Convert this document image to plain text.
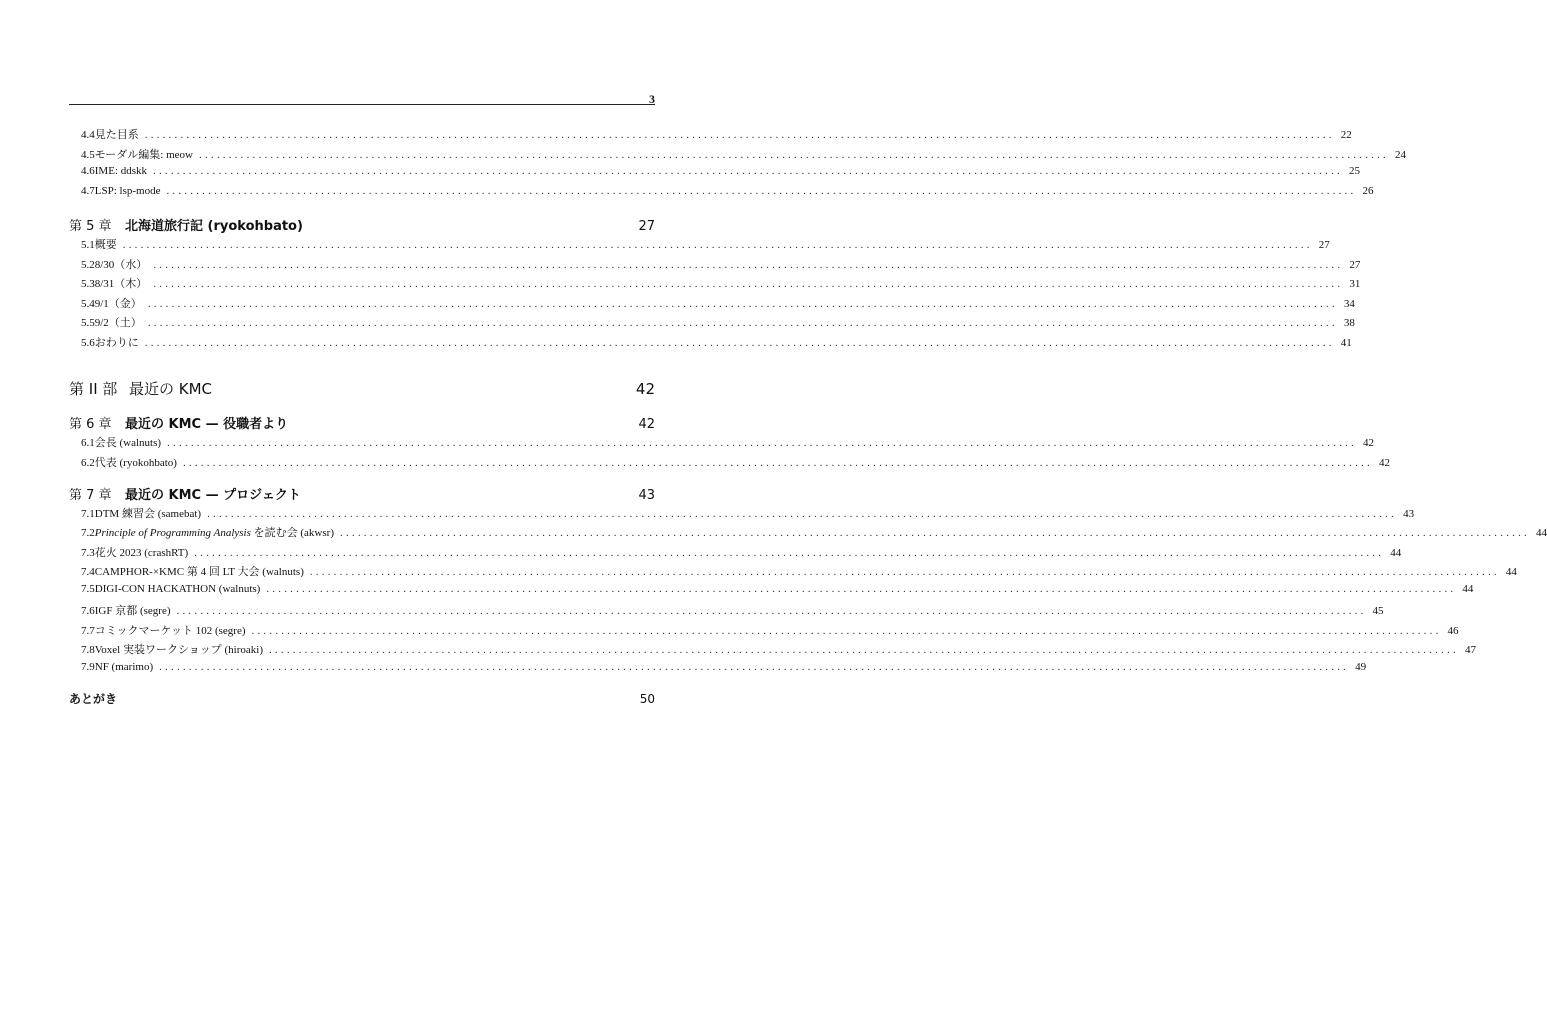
3
4.4 見た目系 ........................................................................................................................................................................................................ 22
4.5 モーダル編集: meow ........................................................................................................................................................................................................ 24
4.6 IME: ddskk ........................................................................................................................................................................................................ 25
4.7 LSP: lsp-mode ........................................................................................................................................................................................................ 26
第 5 章	北海道旅行記 (ryokohbato)	27
5.1 概要 ........................................................................................................................................................................................................ 27
5.2 8/30（水） ........................................................................................................................................................................................................ 27
5.3 8/31（木） ........................................................................................................................................................................................................ 31
5.4 9/1（金） ........................................................................................................................................................................................................ 34
5.5 9/2（土） ........................................................................................................................................................................................................ 38
5.6 おわりに ........................................................................................................................................................................................................ 41
第 II 部 最近の KMC	42
第 6 章	最近の KMC — 役職者より	42
6.1 会長 (walnuts) ........................................................................................................................................................................................................ 42
6.2 代表 (ryokohbato) ........................................................................................................................................................................................................ 42
第 7 章	最近の KMC — プロジェクト	43
7.1 DTM 練習会 (samebat) ........................................................................................................................................................................................................ 43
7.2 Principle of Programming Analysis を読む会 (akwsr) ........................................................................................................................................................................................................ 44
7.3 花火 2023 (crashRT) ........................................................................................................................................................................................................ 44
7.4 CAMPHOR-×KMC 第 4 回 LT 大会 (walnuts) ........................................................................................................................................................................................................ 44
7.5 DIGI-CON HACKATHON (walnuts) ........................................................................................................................................................................................................ 44
7.6 IGF 京都 (segre) ........................................................................................................................................................................................................ 45
7.7 コミックマーケット 102 (segre) ........................................................................................................................................................................................................ 46
7.8 Voxel 実装ワークショップ (hiroaki) ........................................................................................................................................................................................................ 47
7.9 NF (marimo) ........................................................................................................................................................................................................ 49
あとがき	50
